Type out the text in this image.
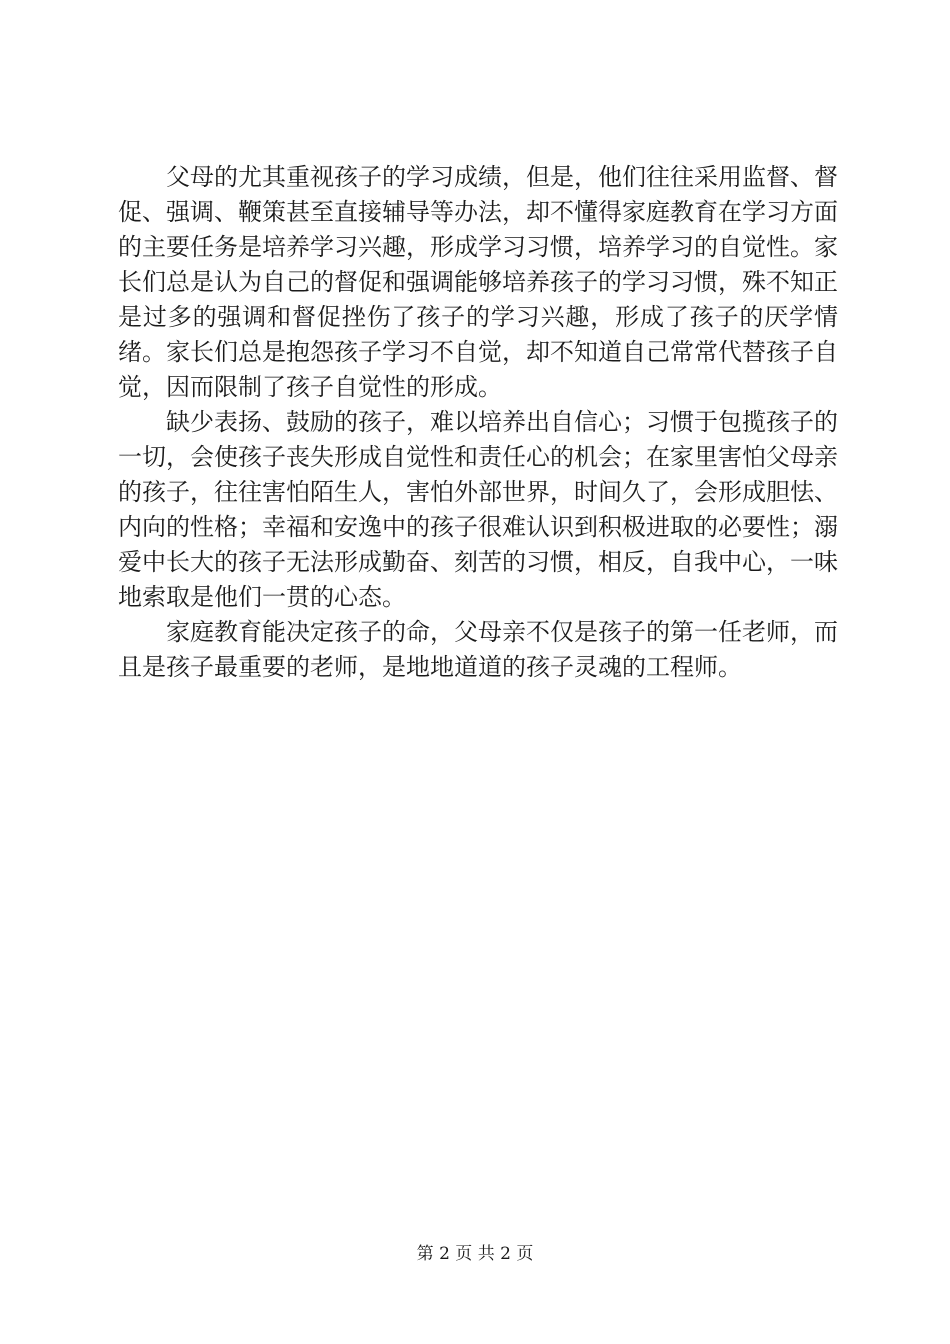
父母的尤其重视孩子的学习成绩，但是，他们往往采用监督、督促、强调、鞭策甚至直接辅导等办法，却不懂得家庭教育在学习方面的主要任务是培养学习兴趣，形成学习习惯，培养学习的自觉性。家长们总是认为自己的督促和强调能够培养孩子的学习习惯，殊不知正是过多的强调和督促挫伤了孩子的学习兴趣，形成了孩子的厌学情绪。家长们总是抱怨孩子学习不自觉，却不知道自己常常代替孩子自觉，因而限制了孩子自觉性的形成。

缺少表扬、鼓励的孩子，难以培养出自信心；习惯于包揽孩子的一切，会使孩子丧失形成自觉性和责任心的机会；在家里害怕父母亲的孩子，往往害怕陌生人，害怕外部世界，时间久了，会形成胆怯、内向的性格；幸福和安逸中的孩子很难认识到积极进取的必要性；溺爱中长大的孩子无法形成勤奋、刻苦的习惯，相反，自我中心，一味地索取是他们一贯的心态。

家庭教育能决定孩子的命，父母亲不仅是孩子的第一任老师，而且是孩子最重要的老师，是地地道道的孩子灵魂的工程师。

第 2 页 共 2 页
